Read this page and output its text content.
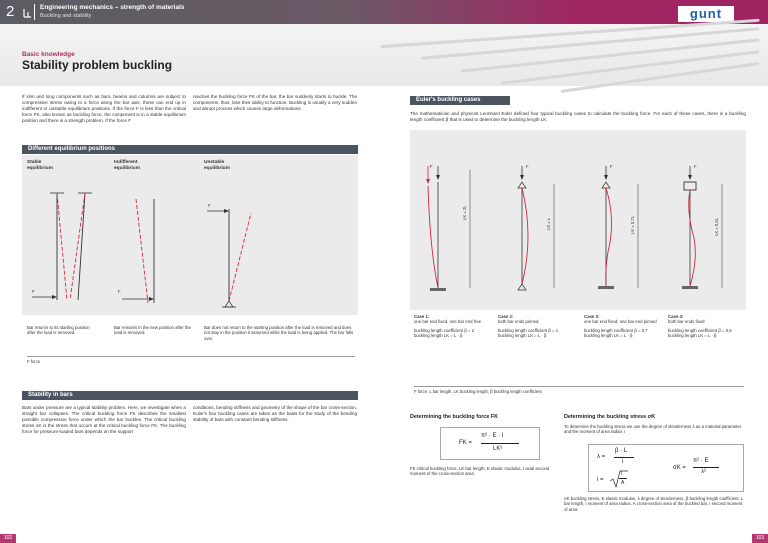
2	Engineering mechanics – strength of materials
Buckling and stability	gunt
Basic knowledge
Stability problem buckling
If slim and long components such as bars, beams and columns are subject to compressive stress owing to a force along the bar axis, these can end up in indifferent or unstable equilibrium positions. If the force F is less than the critical force FK, also known as buckling force, the component is in a stable equilibrium position and there is a strength problem. If the force F
reaches the buckling force FK of the bar, the bar suddenly starts to buckle. The components, thus, lose their ability to function. Buckling is usually a very sudden and abrupt process which causes large deformations.
Different equilibrium positions
Stable equilibrium
Indifferent equilibrium
Unstable equilibrium
F	F
F
Bar returns to its starting position after the load is removed.
Bar remains in the new position after the load is removed.
Bar does not return to the starting position after the load is removed and does not stay in the position it assumed while the load is being applied. The bar falls over.
F force
Stability in bars
Bars under pressure are a typical stability problem. Here, we investigate when a straight bar collapses. The critical buckling force FK describes the smallest possible compressive force under which the bar buckles. The critical buckling stress σK is the stress that occurs at the critical buckling force FK. The buckling force for pressure-loaded bars depends on the support
conditions, bending stiffness and geometry of the shape of the bar cross-section. Euler's four buckling cases are taken as the basis for the study of the bending stability of bars with constant bending stiffness.
Euler's buckling cases
The mathematician and physicist Leonhard Euler defined four typical buckling cases to calculate the buckling force. For each of these cases, there is a buckling length coefficient β that is used to determine the buckling length LK.
LK = 2L
F
LK = L
F
LK = 0,7L
F
LK = 0,5L
F
Case 1:
one bar end fixed, one bar end free
buckling length coefficient β = 2
buckling length LK = L · β
Case 2:
both bar ends pinned
buckling length coefficient β = 1
buckling length LK = L · β
Case 3:
one bar end fixed, one bar end pinned
buckling length coefficient β = 0,7
buckling length LK = L · β
Case 4:
both bar ends fixed
buckling length coefficient β = 0,5
buckling length LK = L · β
F force, L bar length, LK buckling length, β buckling length coefficient
Determining the buckling force FK
FK =
π² · E · I
LK²
FK critical buckling force, LK bar length, E elastic modulus, I axial second moment of the cross-section area
Determining the buckling stress σK
To determine the buckling stress we use the degree of slenderness λ as a material parameter and the moment of area radius i
λ =
β · L
i
i =
I
A
σK =
π² · E
λ²
σK buckling stress, E elastic modulus, λ degree of slenderness, β buckling length coefficient, L bar length, i moment of area radius, A cross-section area of the buckled bar, I second moment of area
102	103
